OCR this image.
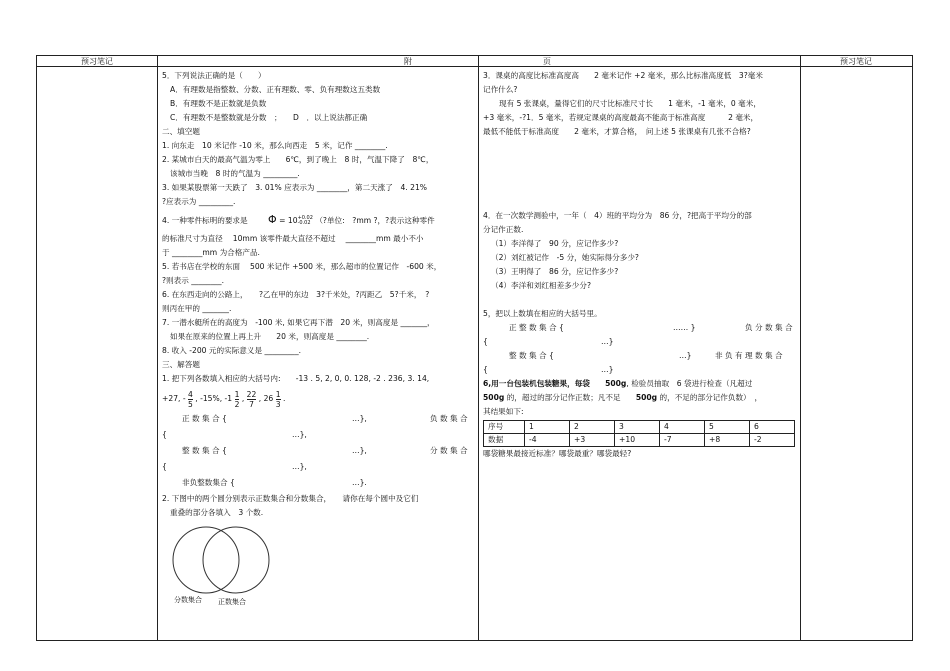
预习笔记	附	页	预习笔记

5．下列说法正确的是（　　）

A．有理数是指整数、分数、正有理数、零、负有理数这五类数

B．有理数不是正数就是负数

C．有理数不是整数就是分数　；　　D　．以上说法都正确

二、填空题

1. 向东走　10 米记作 -10 米，那么向西走　5 米，记作 ________.

2. 某城市白天的最高气温为零上　　6℃，到了晚上　8 时，气温下降了　8℃，

该城市当晚　8 时的气温为 _________.

3. 如果某股票第一天跌了　3. 01% 应表示为 ________，第二天涨了　4. 21%

?应表示为 _________.

4. 一种零件标明的要求是 Φ = 10 +0.02
-0.02 （?单位:　?mm ?，?表示这种零件

的标准尺寸为直径　 10mm 该零件最大直径不超过　 ________mm 最小不小

于 ________mm 为合格产品.

5. 若书店在学校的东面　 500 米记作 +500 米，那么超市的位置记作　-600 米，

?则表示 ________.

6. 在东西走向的公路上，　　?乙在甲的东边　3?千米处，?丙距乙　5?千米，　?

则丙在甲的 _______.

7. 一潜水艇所在的高度为　-100 米, 如果它再下潜　20 米，则高度是 _______，

如果在原来的位置上再上升　　20 米，则高度是 ________.

8. 收入 -200 元的实际意义是 _________.

三、解答题

1. 把下列各数填入相应的大括号内:　　-13 . 5, 2, 0, 0. 128, -2 . 236, 3. 14,

+27, - $\frac{4}{5}$ , -15%, $-1 \frac{1}{2}$ , $\frac{22}{7}$ , $26 \frac{1}{3}$ .

正 数 集 合 {	…},	负 数 集 合

{	…},

整 数 集 合 {	…},	分 数 集 合

{	…},

非负整数集合 {	…}.

2. 下图中的两个圆分别表示正数集合和分数集合，　　请你在每个圆中及它们

重叠的部分各填入　3 个数.

分数集合 正数集合

3．课桌的高度比标准高度高　　2 毫米记作 +2 毫米，那么比标准高度低　3?毫米

记作什么?

现有 5 张课桌，量得它们的尺寸比标准尺寸长　　1 毫米，-1 毫米，0 毫米，

+3 毫米，-?1．5 毫米，若规定课桌的高度最高不能高于标准高度　　　2 毫米，

最低不能低于标准高度　　2 毫米，才算合格，　问上述 5 张课桌有几张不合格?

4．在一次数学测验中，一年（　4）班的平均分为　86 分，?把高于平均分的部

分记作正数.

（1）李洋得了　90 分，应记作多少?

（2）刘红被记作　-5 分，她实际得分多少?

（3）王明得了　86 分，应记作多少?

（4）李洋和刘红相差多少分?

5，把以上数填在相应的大括号里。

正 整 数 集 合 {	…… }	负 分 数 集 合

{	…}

整 数 集 合 {	…}	非 负 有 理 数 集 合

{	…}

6,用一台包装机包装糖果，每袋　　500g, 检验员抽取　6 袋进行检查（凡超过

500g 的，超过的部分记作正数；凡不足　　500g 的，不足的部分记作负数）　，

其结果如下:

序号	1	2	3	4	5	6
数据	-4	+3	+10	-7	+8	-2

哪袋糖果最接近标准？哪袋最重？哪袋最轻?
